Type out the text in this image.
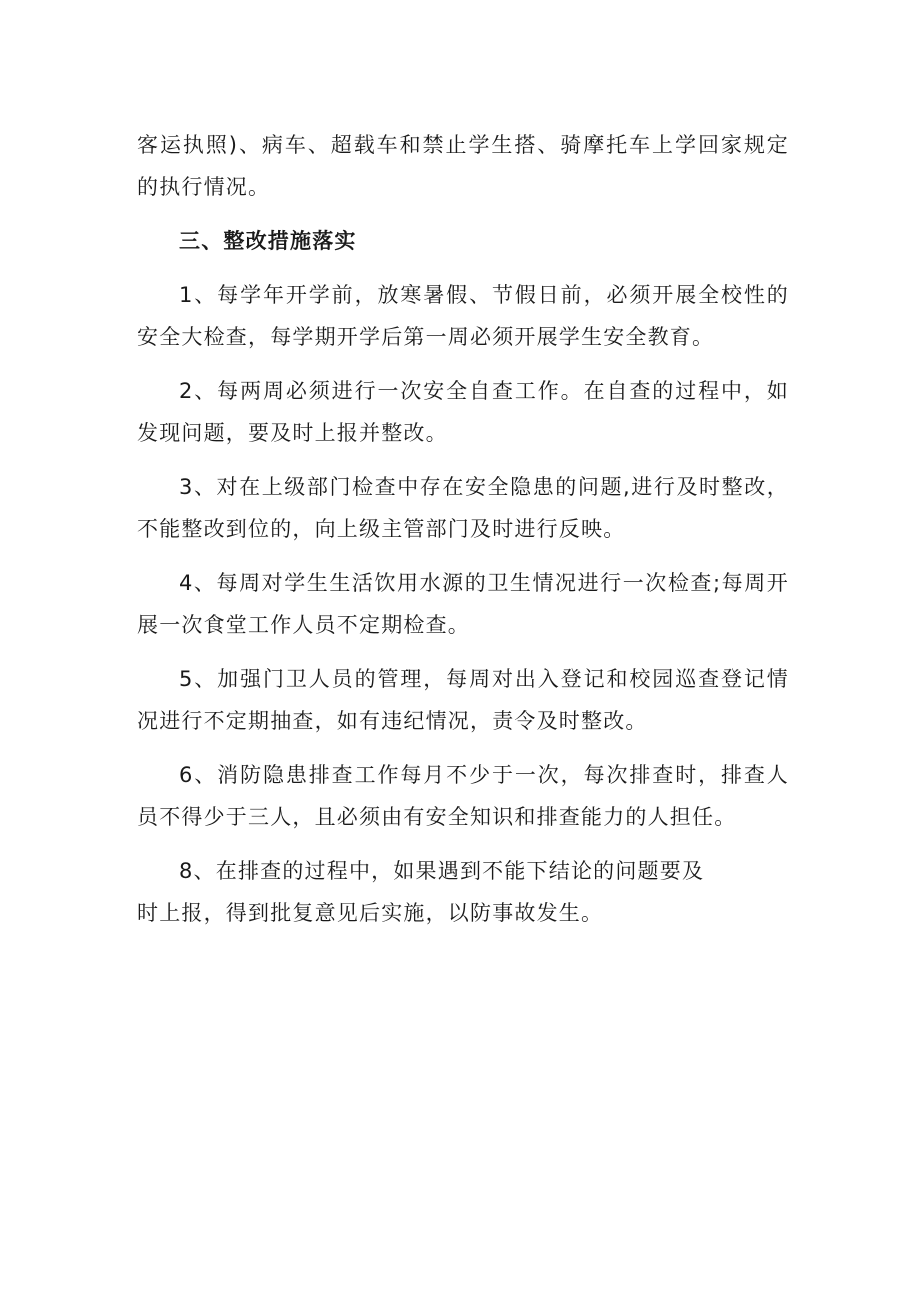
客运执照)、病车、超载车和禁止学生搭、骑摩托车上学回家规定的执行情况。

三、整改措施落实

1、每学年开学前，放寒暑假、节假日前，必须开展全校性的安全大检查，每学期开学后第一周必须开展学生安全教育。

2、每两周必须进行一次安全自查工作。在自查的过程中，如发现问题，要及时上报并整改。

3、对在上级部门检查中存在安全隐患的问题,进行及时整改，不能整改到位的，向上级主管部门及时进行反映。

4、每周对学生生活饮用水源的卫生情况进行一次检查;每周开展一次食堂工作人员不定期检查。

5、加强门卫人员的管理，每周对出入登记和校园巡查登记情况进行不定期抽查，如有违纪情况，责令及时整改。

6、消防隐患排查工作每月不少于一次，每次排查时，排查人员不得少于三人，且必须由有安全知识和排查能力的人担任。

8、在排查的过程中，如果遇到不能下结论的问题要及

时上报，得到批复意见后实施，以防事故发生。
